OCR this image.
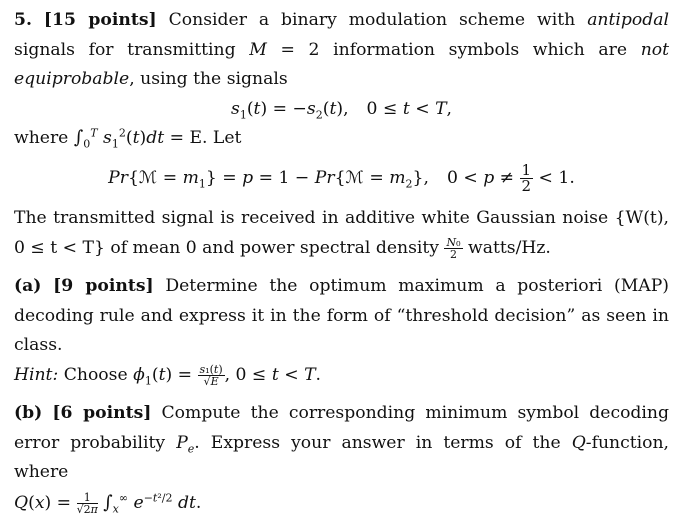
5. [15 points] Consider a binary modulation scheme with antipodal signals for transmitting M = 2 information symbols which are not equiprobable, using the signals

$s_1(t) = -s_2(t)$, 0 ≤ t < T,

where $\int_0^T$ $s_1^2(t)dt = E$. Let

Pr{ℳ = $m_1\} = p = 1$ − Pr{ℳ = $m_2$}, $0 < p \ne \frac{1}{2} < 1$.

The transmitted signal is received in additive white Gaussian noise {W(t), 0 ≤ t < T} of mean 0 and power spectral density $\frac{\text{N₀}}{2}$ watts/Hz.

(a) [9 points] Determine the optimum maximum a posteriori (MAP) decoding rule and express it in the form of “threshold decision” as seen in class.
Hint: Choose $\phi_1(t) = \frac{\text{s₁(t)}}{√E}$ , 0 ≤ t < T.

(b) [6 points] Compute the corresponding minimum symbol decoding error probability $P_e$. Express your answer in terms of the Q-function, where
$Q(x) = \frac{1}{√2\pi} \int_x^\infty$ $e^{-t^2/2}$ dt.
